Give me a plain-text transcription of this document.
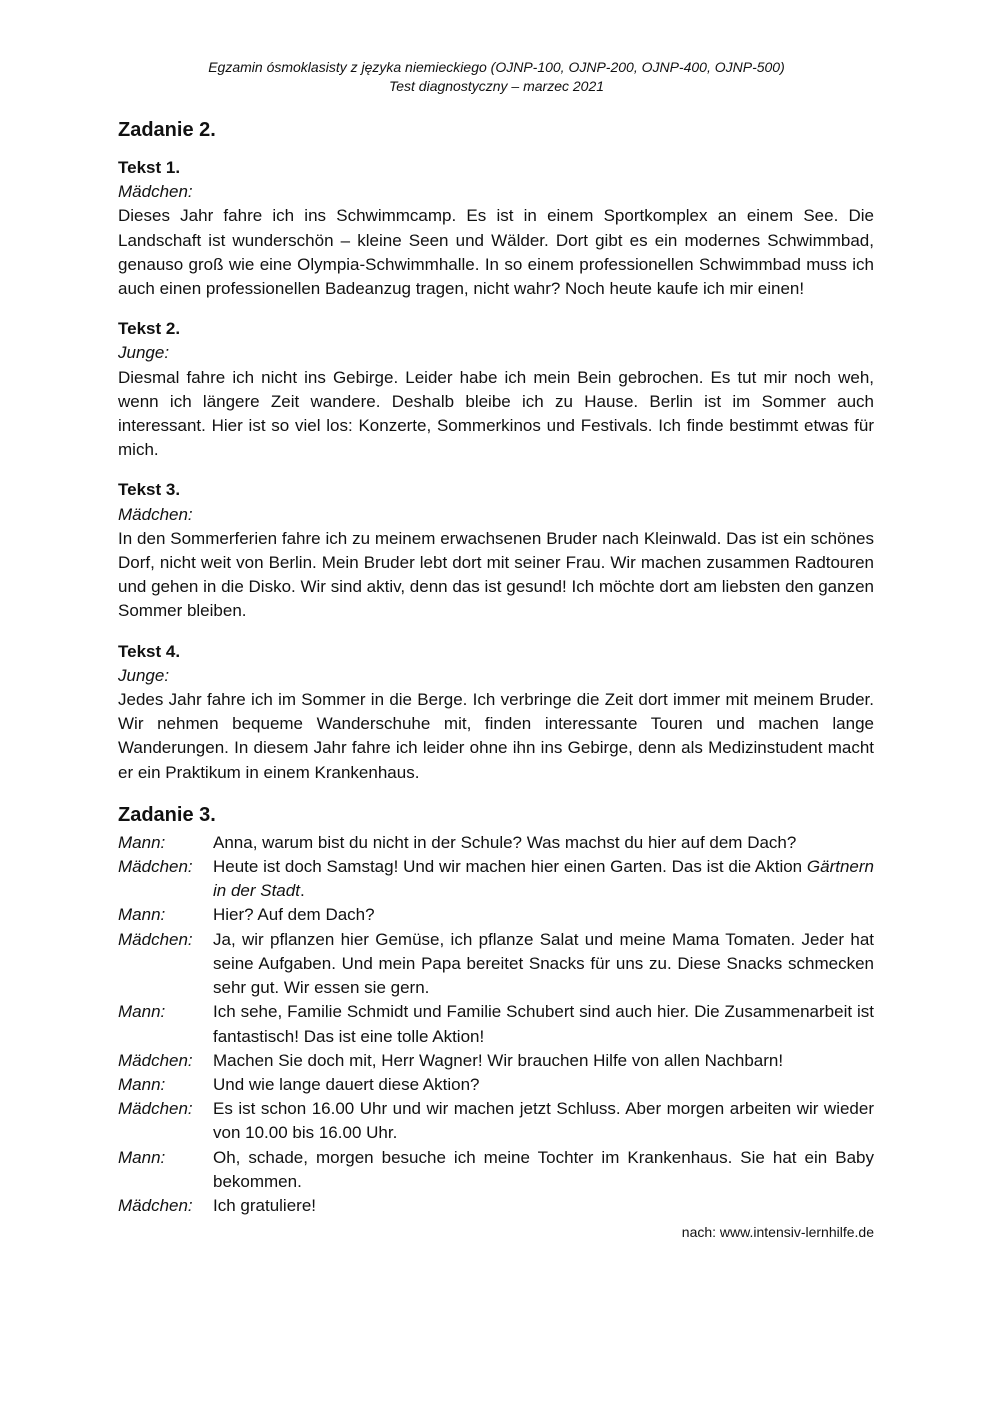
Egzamin ósmoklasisty z języka niemieckiego (OJNP-100, OJNP-200, OJNP-400, OJNP-500)
Test diagnostyczny – marzec 2021
Zadanie 2.
Tekst 1.
Mädchen:
Dieses Jahr fahre ich ins Schwimmcamp. Es ist in einem Sportkomplex an einem See. Die Landschaft ist wunderschön – kleine Seen und Wälder. Dort gibt es ein modernes Schwimmbad, genauso groß wie eine Olympia-Schwimmhalle. In so einem professionellen Schwimmbad muss ich auch einen professionellen Badeanzug tragen, nicht wahr? Noch heute kaufe ich mir einen!
Tekst 2.
Junge:
Diesmal fahre ich nicht ins Gebirge. Leider habe ich mein Bein gebrochen. Es tut mir noch weh, wenn ich längere Zeit wandere. Deshalb bleibe ich zu Hause. Berlin ist im Sommer auch interessant. Hier ist so viel los: Konzerte, Sommerkinos und Festivals. Ich finde bestimmt etwas für mich.
Tekst 3.
Mädchen:
In den Sommerferien fahre ich zu meinem erwachsenen Bruder nach Kleinwald. Das ist ein schönes Dorf, nicht weit von Berlin. Mein Bruder lebt dort mit seiner Frau. Wir machen zusammen Radtouren und gehen in die Disko. Wir sind aktiv, denn das ist gesund! Ich möchte dort am liebsten den ganzen Sommer bleiben.
Tekst 4.
Junge:
Jedes Jahr fahre ich im Sommer in die Berge. Ich verbringe die Zeit dort immer mit meinem Bruder. Wir nehmen bequeme Wanderschuhe mit, finden interessante Touren und machen lange Wanderungen. In diesem Jahr fahre ich leider ohne ihn ins Gebirge, denn als Medizinstudent macht er ein Praktikum in einem Krankenhaus.
Zadanie 3.
Mann:	Anna, warum bist du nicht in der Schule? Was machst du hier auf dem Dach?
Mädchen:	Heute ist doch Samstag! Und wir machen hier einen Garten. Das ist die Aktion Gärtnern in der Stadt.
Mann:	Hier? Auf dem Dach?
Mädchen:	Ja, wir pflanzen hier Gemüse, ich pflanze Salat und meine Mama Tomaten. Jeder hat seine Aufgaben. Und mein Papa bereitet Snacks für uns zu. Diese Snacks schmecken sehr gut. Wir essen sie gern.
Mann:	Ich sehe, Familie Schmidt und Familie Schubert sind auch hier. Die Zusammenarbeit ist fantastisch! Das ist eine tolle Aktion!
Mädchen:	Machen Sie doch mit, Herr Wagner! Wir brauchen Hilfe von allen Nachbarn!
Mann:	Und wie lange dauert diese Aktion?
Mädchen:	Es ist schon 16.00 Uhr und wir machen jetzt Schluss. Aber morgen arbeiten wir wieder von 10.00 bis 16.00 Uhr.
Mann:	Oh, schade, morgen besuche ich meine Tochter im Krankenhaus. Sie hat ein Baby bekommen.
Mädchen:	Ich gratuliere!
nach: www.intensiv-lernhilfe.de
